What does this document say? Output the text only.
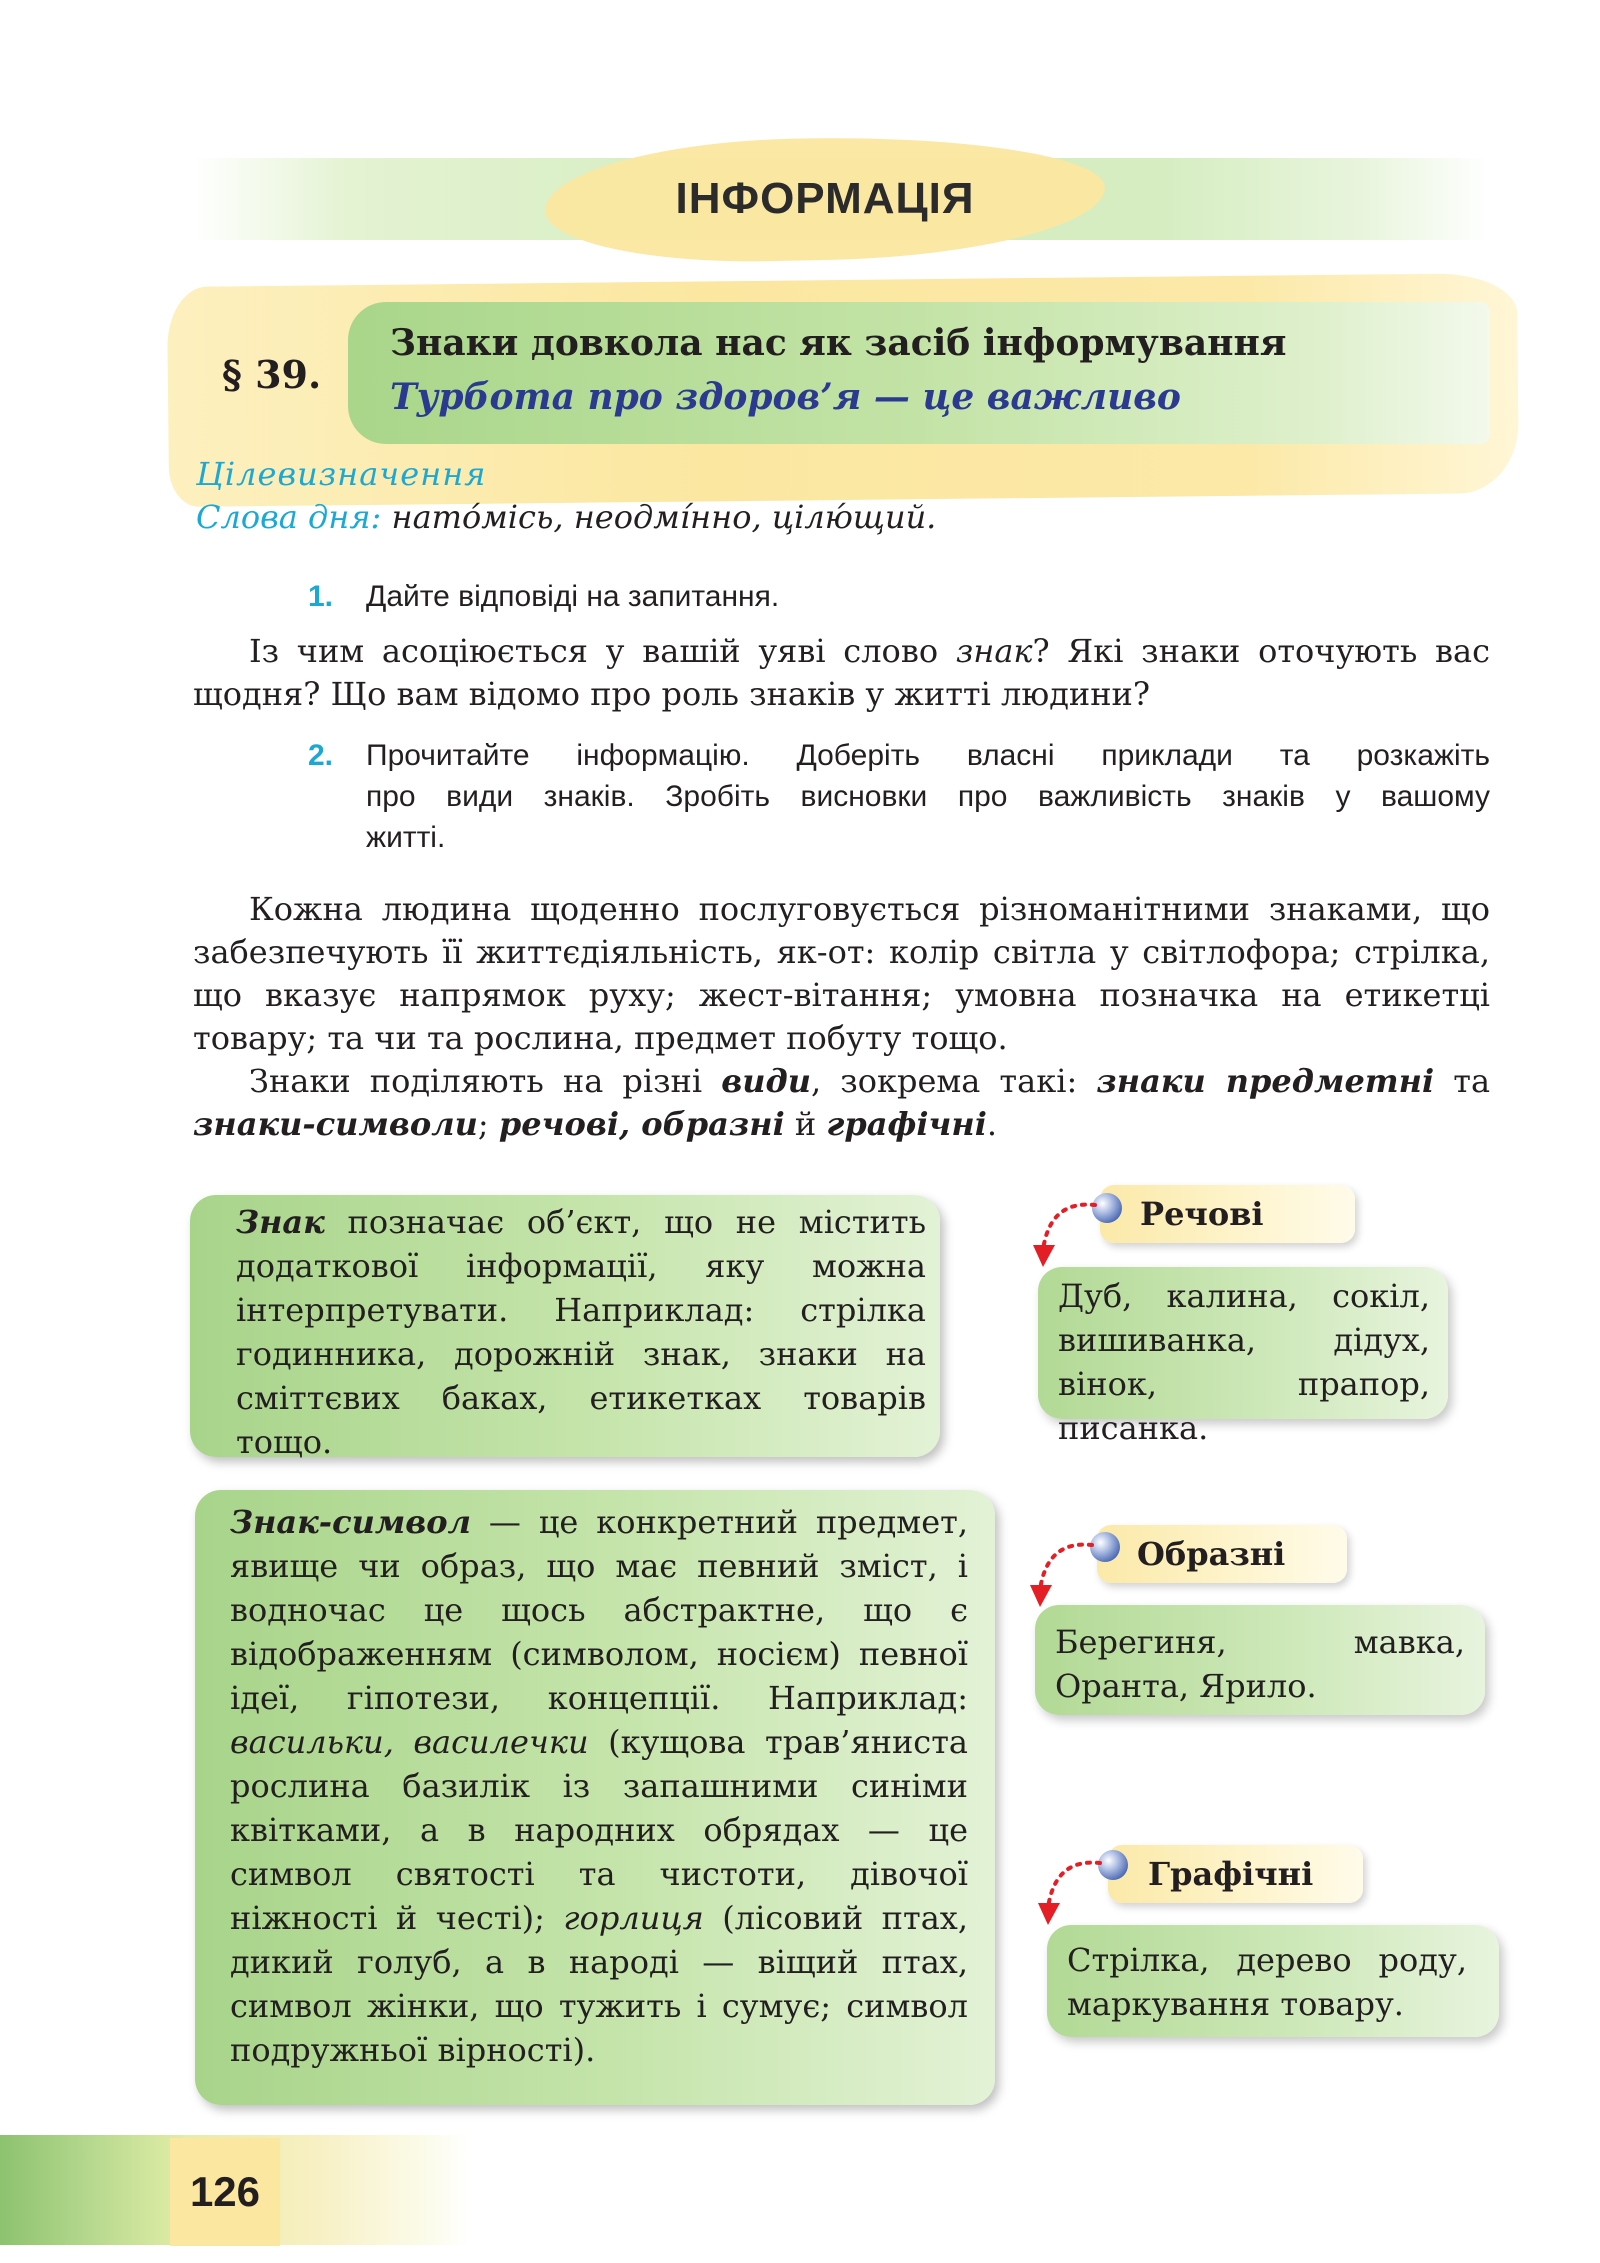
ІНФОРМАЦІЯ
§ 39.
Знаки довкола нас як засіб інформування
Турбота про здоров’я — це важливо
Цілевизначення
Слова дня: нато́місь, неодмі́нно, цілю́щий.
1. Дайте відповіді на запитання.
Із чим асоціюється у вашій уяві слово знак? Які знаки оточують вас щодня? Що вам відомо про роль знаків у житті людини?
2. Прочитайте інформацію. Доберіть власні приклади та розкажіть
про види знаків. Зробіть висновки про важливість знаків у вашому
житті.
Кожна людина щоденно послуговується різноманітними знаками, що забезпечують її життєдіяльність, як-от: колір світла у світлофора; стрілка, що вказує напрямок руху; жест-вітання; умовна позначка на етикетці товару; та чи та рослина, предмет побуту тощо.
Знаки поділяють на різні види, зокрема такі: знаки предметні та знаки-символи; речові, образні й графічні.
Знак позначає об’єкт, що не містить додаткової інформації, яку можна інтерпретувати. Наприклад: стрілка годинника, дорожній знак, знаки на сміттєвих баках, етикетках товарів тощо.
Знак-символ — це конкретний предмет, явище чи образ, що має певний зміст, і водночас це щось абстрактне, що є відображенням (символом, носієм) певної ідеї, гіпотези, концепції. Наприклад: васильки, василечки (кущова трав’яниста рослина базилік із запашними синіми квітками, а в народних обрядах — це символ святості та чистоти, дівочої ніжності й честі); горлиця (лісовий птах, дикий голуб, а в народі — віщий птах, символ жінки, що тужить і сумує; символ подружньої вірності).
Речові
Дуб, калина, сокіл, вишиванка, дідух, вінок, прапор, писанка.
Образні
Берегиня, мавка, Оранта, Ярило.
Графічні
Стрілка, дерево роду, маркування товару.
126
